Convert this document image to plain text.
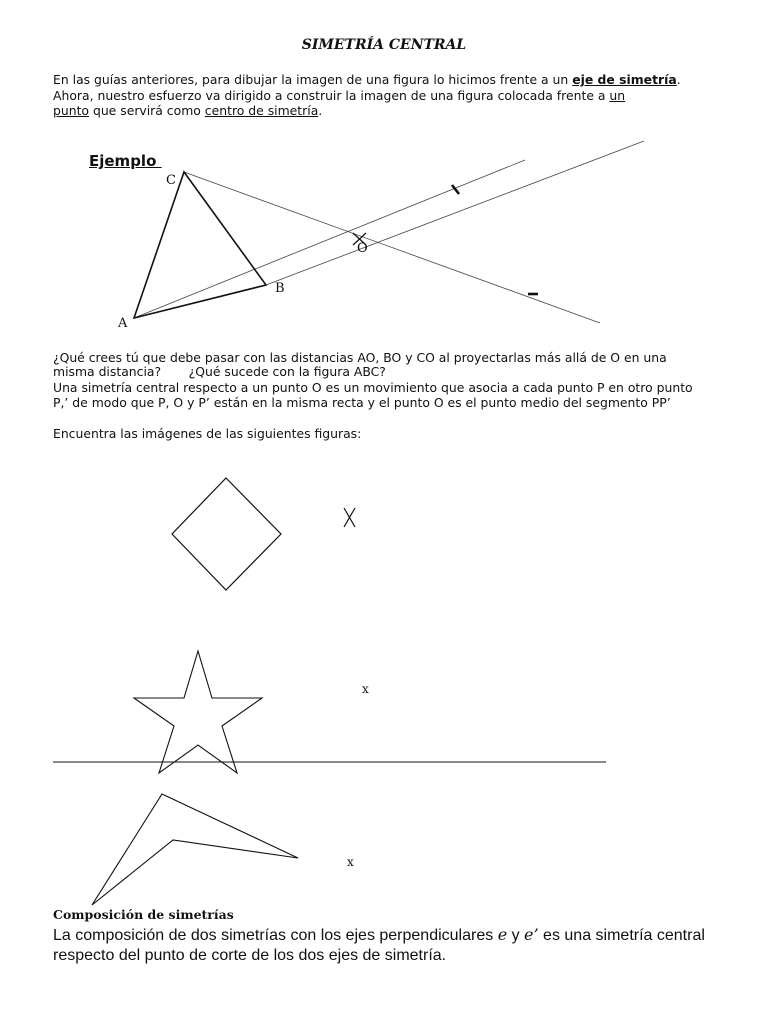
SIMETRÍA CENTRAL
En las guías anteriores, para dibujar la imagen de una figura lo hicimos frente a un eje de simetría.
Ahora, nuestro esfuerzo va dirigido a construir la imagen de una figura colocada frente a un
punto que servirá como centro de simetría.
Ejemplo
C
B
A
O
¿Qué crees tú que debe pasar con las distancias AO, BO y CO al proyectarlas más allá de O en una
misma distancia?       ¿Qué sucede con la figura ABC?
Una simetría central respecto a un punto O es un movimiento que asocia a cada punto P en otro punto
P,’ de modo que P, O y P’ están en la misma recta y el punto O es el punto medio del segmento PP’
Encuentra las imágenes de las siguientes figuras:
x
x
Composición de simetrías
La composición de dos simetrías con los ejes perpendiculares e y e’ es una simetría central respecto del punto de corte de los dos ejes de simetría.
